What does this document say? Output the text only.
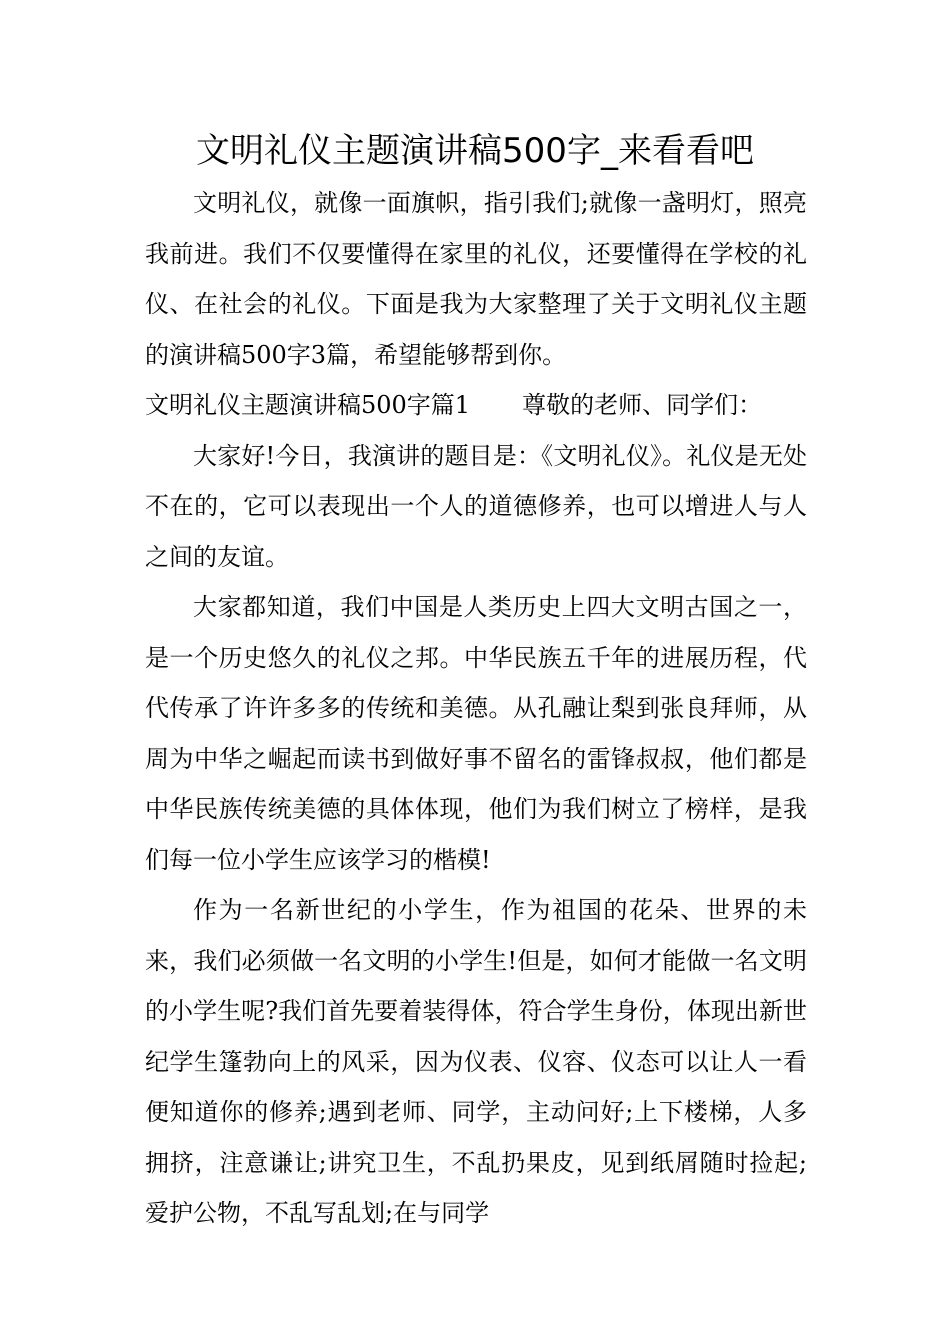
文明礼仪主题演讲稿500字_来看看吧

文明礼仪，就像一面旗帜，指引我们;就像一盏明灯，照亮我前进。我们不仅要懂得在家里的礼仪，还要懂得在学校的礼仪、在社会的礼仪。下面是我为大家整理了关于文明礼仪主题的演讲稿500字3篇，希望能够帮到你。

文明礼仪主题演讲稿500字篇1 尊敬的老师、同学们：

大家好!今日，我演讲的题目是：《文明礼仪》。礼仪是无处不在的，它可以表现出一个人的道德修养，也可以增进人与人之间的友谊。

大家都知道，我们中国是人类历史上四大文明古国之一，是一个历史悠久的礼仪之邦。中华民族五千年的进展历程，代代传承了许许多多的传统和美德。从孔融让梨到张良拜师，从周为中华之崛起而读书到做好事不留名的雷锋叔叔，他们都是中华民族传统美德的具体体现，他们为我们树立了榜样，是我们每一位小学生应该学习的楷模!

作为一名新世纪的小学生，作为祖国的花朵、世界的未来，我们必须做一名文明的小学生!但是，如何才能做一名文明的小学生呢?我们首先要着装得体，符合学生身份，体现出新世纪学生篷勃向上的风采，因为仪表、仪容、仪态可以让人一看便知道你的修养;遇到老师、同学，主动问好;上下楼梯，人多拥挤，注意谦让;讲究卫生，不乱扔果皮，见到纸屑随时捡起;爱护公物，不乱写乱划;在与同学
